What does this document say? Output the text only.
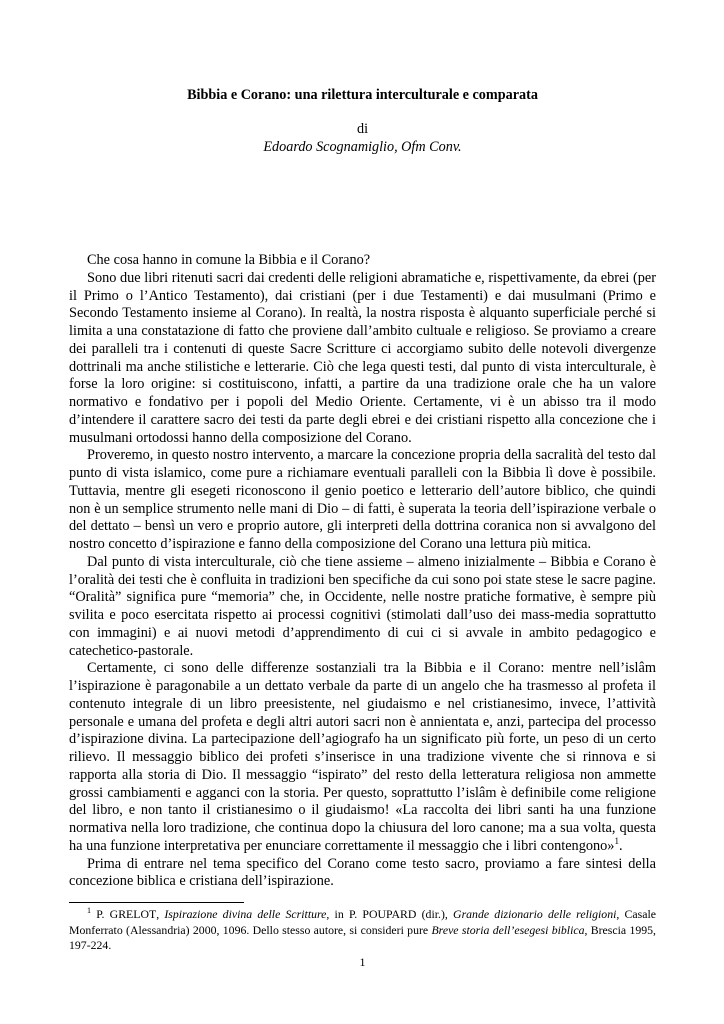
Bibbia e Corano: una rilettura interculturale e comparata
di
Edoardo Scognamiglio, Ofm Conv.

Che cosa hanno in comune la Bibbia e il Corano?

Sono due libri ritenuti sacri dai credenti delle religioni abramatiche e, rispettivamente, da ebrei (per il Primo o l’Antico Testamento), dai cristiani (per i due Testamenti) e dai musulmani (Primo e Secondo Testamento insieme al Corano). In realtà, la nostra risposta è alquanto superficiale perché si limita a una constatazione di fatto che proviene dall’ambito cultuale e religioso. Se proviamo a creare dei paralleli tra i contenuti di queste Sacre Scritture ci accorgiamo subito delle notevoli divergenze dottrinali ma anche stilistiche e letterarie. Ciò che lega questi testi, dal punto di vista interculturale, è forse la loro origine: si costituiscono, infatti, a partire da una tradizione orale che ha un valore normativo e fondativo per i popoli del Medio Oriente. Certamente, vi è un abisso tra il modo d’intendere il carattere sacro dei testi da parte degli ebrei e dei cristiani rispetto alla concezione che i musulmani ortodossi hanno della composizione del Corano.

Proveremo, in questo nostro intervento, a marcare la concezione propria della sacralità del testo dal punto di vista islamico, come pure a richiamare eventuali paralleli con la Bibbia lì dove è possibile. Tuttavia, mentre gli esegeti riconoscono il genio poetico e letterario dell’autore biblico, che quindi non è un semplice strumento nelle mani di Dio – di fatti, è superata la teoria dell’ispirazione verbale o del dettato – bensì un vero e proprio autore, gli interpreti della dottrina coranica non si avvalgono del nostro concetto d’ispirazione e fanno della composizione del Corano una lettura più mitica.

Dal punto di vista interculturale, ciò che tiene assieme – almeno inizialmente – Bibbia e Corano è l’oralità dei testi che è confluita in tradizioni ben specifiche da cui sono poi state stese le sacre pagine. “Oralità” significa pure “memoria” che, in Occidente, nelle nostre pratiche formative, è sempre più svilita e poco esercitata rispetto ai processi cognitivi (stimolati dall’uso dei mass-media soprattutto con immagini) e ai nuovi metodi d’apprendimento di cui ci si avvale in ambito pedagogico e catechetico-pastorale.

Certamente, ci sono delle differenze sostanziali tra la Bibbia e il Corano: mentre nell’islâm l’ispirazione è paragonabile a un dettato verbale da parte di un angelo che ha trasmesso al profeta il contenuto integrale di un libro preesistente, nel giudaismo e nel cristianesimo, invece, l’attività personale e umana del profeta e degli altri autori sacri non è annientata e, anzi, partecipa del processo d’ispirazione divina. La partecipazione dell’agiografo ha un significato più forte, un peso di un certo rilievo. Il messaggio biblico dei profeti s’inserisce in una tradizione vivente che si rinnova e si rapporta alla storia di Dio. Il messaggio “ispirato” del resto della letteratura religiosa non ammette grossi cambiamenti e agganci con la storia. Per questo, soprattutto l’islâm è definibile come religione del libro, e non tanto il cristianesimo o il giudaismo! «La raccolta dei libri santi ha una funzione normativa nella loro tradizione, che continua dopo la chiusura del loro canone; ma a sua volta, questa ha una funzione interpretativa per enunciare correttamente il messaggio che i libri contengono»$^1$.

Prima di entrare nel tema specifico del Corano come testo sacro, proviamo a fare sintesi della concezione biblica e cristiana dell’ispirazione.

$^1$ P. GRELOT, Ispirazione divina delle Scritture, in P. POUPARD (dir.), Grande dizionario delle religioni, Casale Monferrato (Alessandria) 2000, 1096. Dello stesso autore, si consideri pure Breve storia dell’esegesi biblica, Brescia 1995, 197-224.

1
